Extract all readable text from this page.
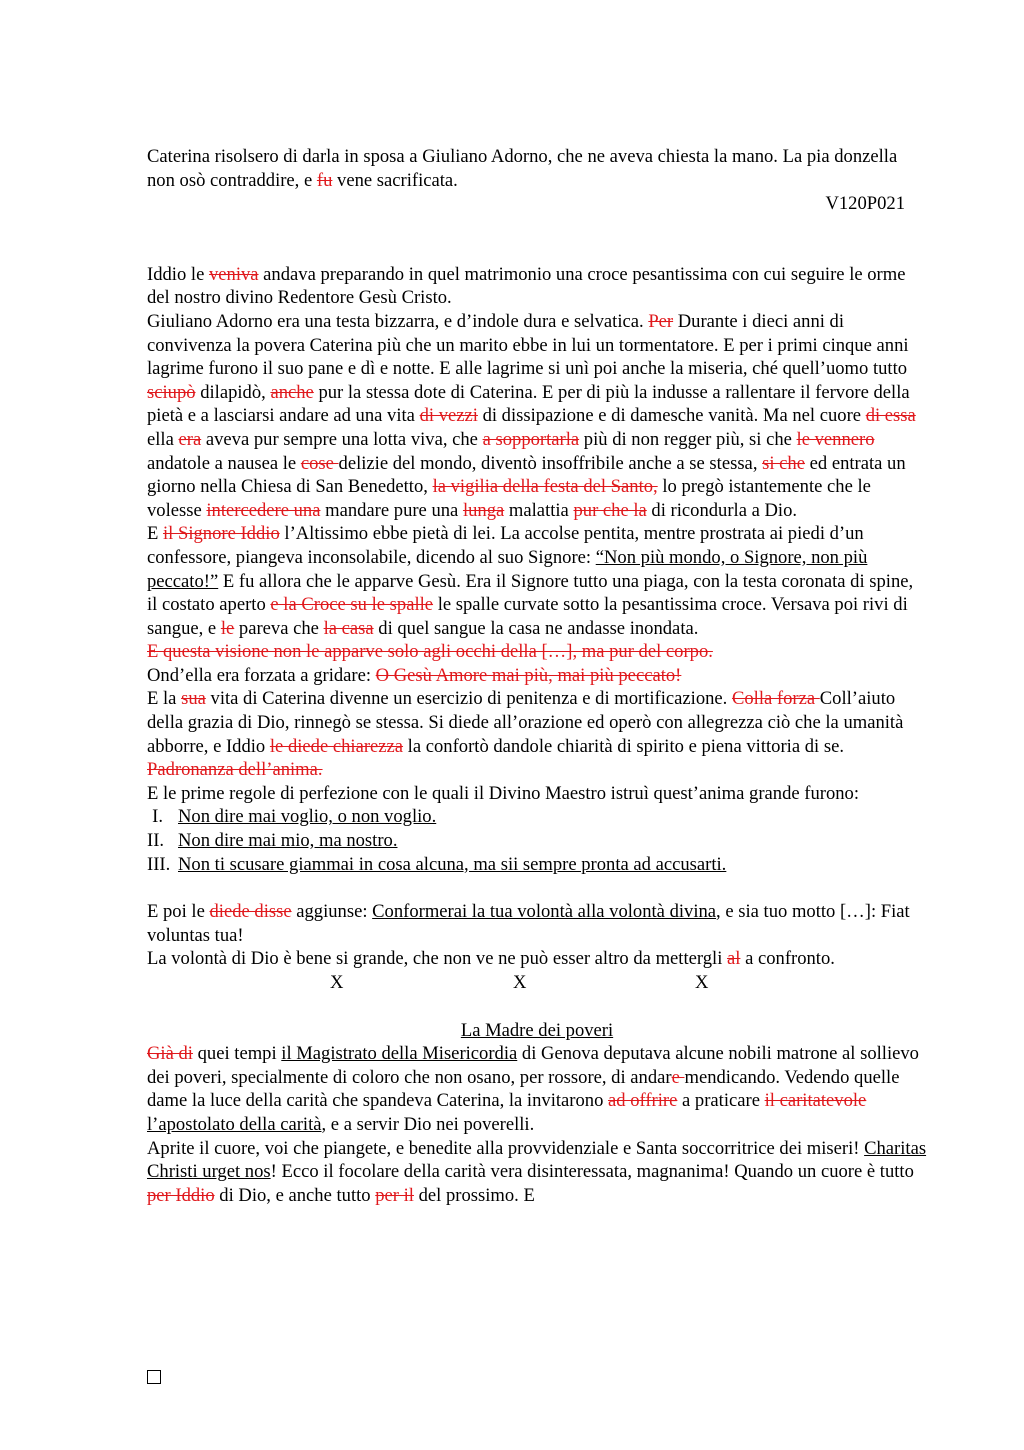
Caterina risolsero di darla in sposa a Giuliano Adorno, che ne aveva chiesta la mano. La pia donzella non osò contraddire, e fu vene sacrificata.

V120P021

Iddio le veniva andava preparando in quel matrimonio una croce pesantissima con cui seguire le orme del nostro divino Redentore Gesù Cristo.

Giuliano Adorno era una testa bizzarra, e d’indole dura e selvatica. Per Durante i dieci anni di convivenza la povera Caterina più che un marito ebbe in lui un tormentatore. E per i primi cinque anni lagrime furono il suo pane e dì e notte. E alle lagrime si unì poi anche la miseria, ché quell’uomo tutto sciupò dilapidò, anche pur la stessa dote di Caterina. E per di più la indusse a rallentare il fervore della pietà e a lasciarsi andare ad una vita di vezzi di dissipazione e di damesche vanità. Ma nel cuore di essa ella era aveva pur sempre una lotta viva, che a sopportarla più di non regger più, si che le vennero andatole a nausea le cose delizie del mondo, diventò insoffribile anche a se stessa, si che ed entrata un giorno nella Chiesa di San Benedetto, la vigilia della festa del Santo, lo pregò istantemente che le volesse intercedere una mandare pure una lunga malattia pur che la di ricondurla a Dio.

E il Signore Iddio l’Altissimo ebbe pietà di lei. La accolse pentita, mentre prostrata ai piedi d’un confessore, piangeva inconsolabile, dicendo al suo Signore: “Non più mondo, o Signore, non più peccato!” E fu allora che le apparve Gesù. Era il Signore tutto una piaga, con la testa coronata di spine, il costato aperto e la Croce su le spalle le spalle curvate sotto la pesantissima croce. Versava poi rivi di sangue, e le pareva che la casa di quel sangue la casa ne andasse inondata.

E questa visione non le apparve solo agli occhi della […], ma pur del corpo.

Ond’ella era forzata a gridare: O Gesù Amore mai più, mai più peccato!

E la sua vita di Caterina divenne un esercizio di penitenza e di mortificazione. Colla forza Coll’aiuto della grazia di Dio, rinnegò se stessa. Si diede all’orazione ed operò con allegrezza ciò che la umanità abborre, e Iddio le diede chiarezza la confortò dandole chiarità di spirito e piena vittoria di se. Padronanza dell’anima.

E le prime regole di perfezione con le quali il Divino Maestro istruì quest’anima grande furono:

I. Non dire mai voglio, o non voglio.
II. Non dire mai mio, ma nostro.
III. Non ti scusare giammai in cosa alcuna, ma sii sempre pronta ad accusarti.

E poi le diede disse aggiunse: Conformerai la tua volontà alla volontà divina, e sia tuo motto […]: Fiat voluntas tua!

La volontà di Dio è bene si grande, che non ve ne può esser altro da mettergli al a confronto.

X	X	X

La Madre dei poveri

Già di quei tempi il Magistrato della Misericordia di Genova deputava alcune nobili matrone al sollievo dei poveri, specialmente di coloro che non osano, per rossore, di andare mendicando. Vedendo quelle dame la luce della carità che spandeva Caterina, la invitarono ad offrire a praticare il caritatevole l’apostolato della carità, e a servir Dio nei poverelli.

Aprite il cuore, voi che piangete, e benedite alla provvidenziale e Santa soccorritrice dei miseri! Charitas Christi urget nos! Ecco il focolare della carità vera disinteressata, magnanima! Quando un cuore è tutto per Iddio di Dio, e anche tutto per il del prossimo. E
